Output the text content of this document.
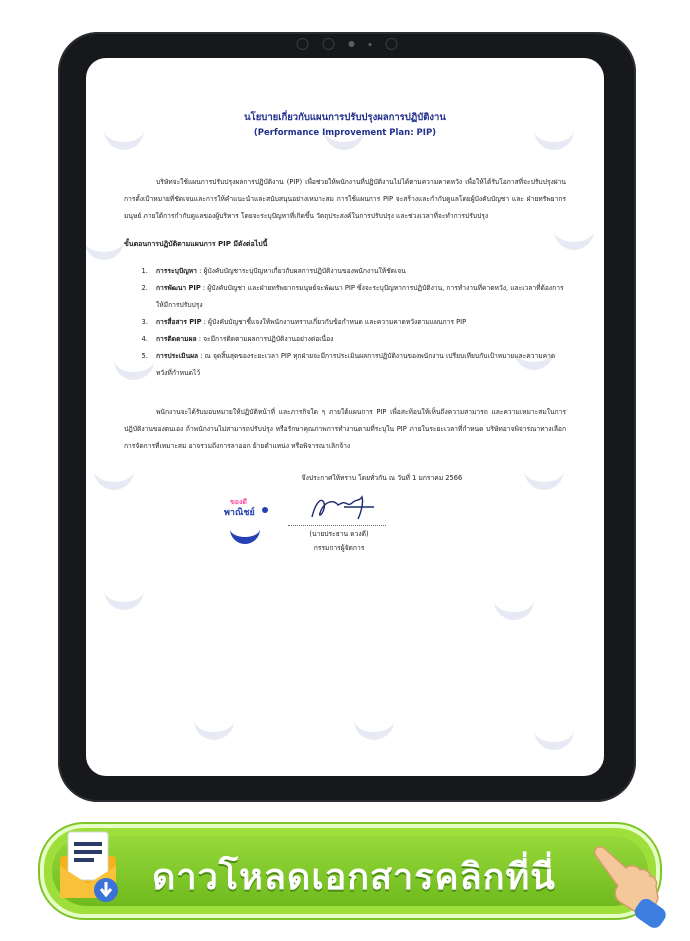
นโยบายเกี่ยวกับแผนการปรับปรุงผลการปฏิบัติงาน
(Performance Improvement Plan: PIP)

บริษัทจะใช้แผนการปรับปรุงผลการปฏิบัติงาน (PIP) เพื่อช่วยให้พนักงานที่ปฏิบัติงานไม่ได้ตามความคาดหวัง เพื่อให้ได้รับโอกาสที่จะปรับปรุงผ่านการตั้งเป้าหมายที่ชัดเจนและการให้คำแนะนำและสนับสนุนอย่างเหมาะสม การใช้แผนการ PIP จะสร้างและกำกับดูแลโดยผู้บังคับบัญชา และ ฝ่ายทรัพยากรมนุษย์ ภายใต้การกำกับดูแลของผู้บริหาร โดยจะระบุปัญหาที่เกิดขึ้น วัตถุประสงค์ในการปรับปรุง และช่วงเวลาที่จะทำการปรับปรุง

ขั้นตอนการปฏิบัติตามแผนการ PIP มีดังต่อไปนี้
1. การระบุปัญหา : ผู้บังคับบัญชาระบุปัญหาเกี่ยวกับผลการปฏิบัติงานของพนักงานให้ชัดเจน
2. การพัฒนา PIP : ผู้บังคับบัญชา และฝ่ายทรัพยากรมนุษย์จะพัฒนา PIP ซึ่งจะระบุปัญหาการปฏิบัติงาน, การทำงานที่คาดหวัง, และเวลาที่ต้องการให้มีการปรับปรุง
3. การสื่อสาร PIP : ผู้บังคับบัญชาชี้แจงให้พนักงานทราบเกี่ยวกับข้อกำหนด และความคาดหวังตามแผนการ PIP
4. การติดตามผล : จะมีการติดตามผลการปฏิบัติงานอย่างต่อเนื่อง
5. การประเมินผล : ณ จุดสิ้นสุดของระยะเวลา PIP ทุกฝ่ายจะมีการประเมินผลการปฏิบัติงานของพนักงาน เปรียบเทียบกับเป้าหมายและความคาดหวังที่กำหนดไว้

พนักงานจะได้รับมอบหมายให้ปฏิบัติหน้าที่ และภารกิจใด ๆ ภายใต้แผนการ PIP เพื่อสะท้อนให้เห็นถึงความสามารถ และความเหมาะสมในการปฏิบัติงานของตนเอง ถ้าพนักงานไม่สามารถปรับปรุง หรือรักษาคุณภาพการทำงานตามที่ระบุใน PIP ภายในระยะเวลาที่กำหนด บริษัทอาจพิจารณาทางเลือกการจัดการที่เหมาะสม อาจรวมถึงการลาออก ย้ายตำแหน่ง หรือพิจารณาเลิกจ้าง

จึงประกาศให้ทราบ โดยทั่วกัน ณ วันที่ 1 มกราคม 2566
ของดี
พาณิชย์
(นายประธาน ดวงดี)
กรรมการผู้จัดการ
ดาวโหลดเอกสารคลิกที่นี่
